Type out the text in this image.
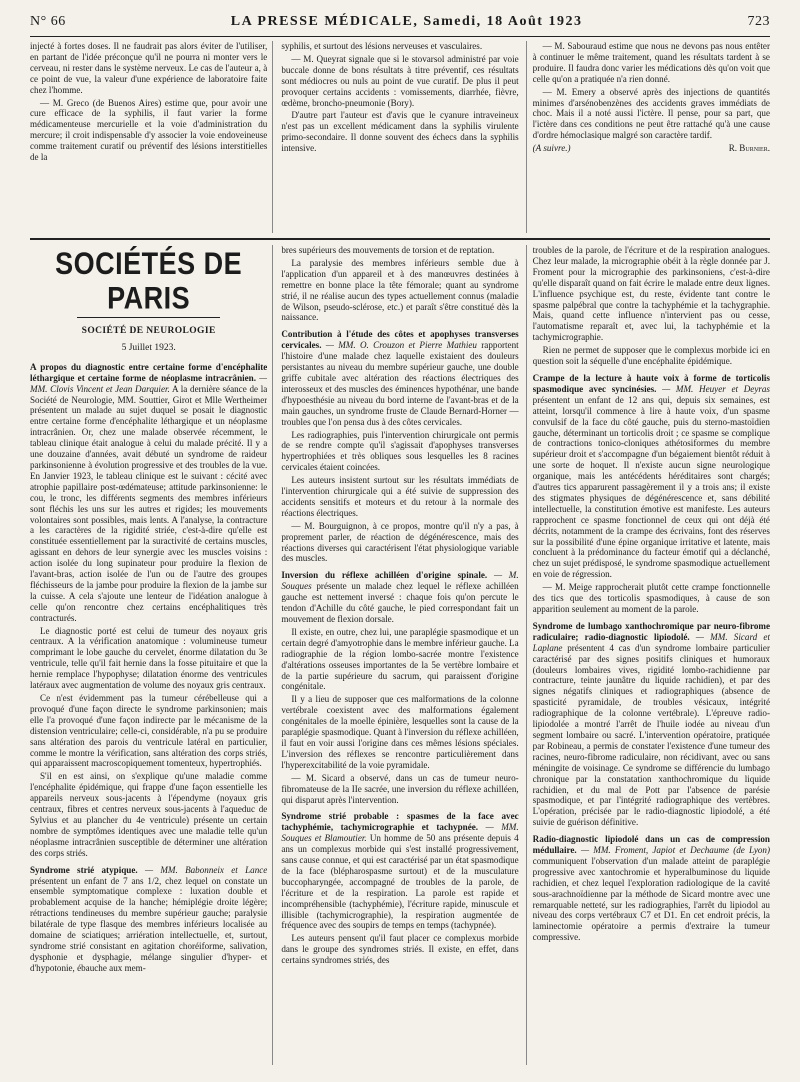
N° 66	LA PRESSE MÉDICALE, Samedi, 18 Août 1923	723

injecté à fortes doses. Il ne faudrait pas alors éviter de l'utiliser, en partant de l'idée préconçue qu'il ne pourra ni monter vers le cerveau, ni rester dans le système nerveux. Le cas de l'auteur a, à ce point de vue, la valeur d'une expérience de laboratoire faite chez l'homme.

— M. Greco (de Buenos Aires) estime que, pour avoir une cure efficace de la syphilis, il faut varier la forme médicamenteuse mercurielle et la voie d'administration du mercure; il croit indispensable d'y associer la voie endoveineuse comme traitement curatif ou préventif des lésions interstitielles de la

syphilis, et surtout des lésions nerveuses et vasculaires.

— M. Queyrat signale que si le stovarsol administré par voie buccale donne de bons résultats à titre préventif, ces résultats sont médiocres ou nuls au point de vue curatif. De plus il peut provoquer certains accidents : vomissements, diarrhée, fièvre, œdème, broncho-pneumonie (Bory).

D'autre part l'auteur est d'avis que le cyanure intraveineux n'est pas un excellent médicament dans la syphilis virulente primo-secondaire. Il donne souvent des échecs dans la syphilis intensive.

— M. Sabouraud estime que nous ne devons pas nous entêter à continuer le même traitement, quand les résultats tardent à se produire. Il faudra donc varier les médications dès qu'on voit que celle qu'on a pratiquée n'a rien donné.

— M. Emery a observé après des injections de quantités minimes d'arsénobenzènes des accidents graves immédiats de choc. Mais il a noté aussi l'ictère. Il pense, pour sa part, que l'ictère dans ces conditions ne peut être rattaché qu'à une cause d'ordre hémoclasique malgré son caractère tardif.

(A suivre.)	R. Burnier.
SOCIÉTÉS DE PARIS
SOCIÉTÉ DE NEUROLOGIE
5 Juillet 1923.

A propos du diagnostic entre certaine forme d'encéphalite léthargique et certaine forme de néoplasme intracrânien. — MM. Clovis Vincent et Jean Darquier. A la dernière séance de la Société de Neurologie, MM. Souttier, Girot et Mlle Wertheimer présentent un malade au sujet duquel se posait le diagnostic entre certaine forme d'encéphalite léthargique et un néoplasme intracrânien. Or, chez une malade observée récemment, le tableau clinique était analogue à celui du malade précité. Il y a une douzaine d'années, avait débuté un syndrome de raideur parkinsonienne à évolution progressive et des troubles de la vue. En Janvier 1923, le tableau clinique est le suivant : cécité avec atrophie papillaire post-œdémateuse; attitude parkinsonienne: le cou, le tronc, les différents segments des membres inférieurs sont fléchis les uns sur les autres et rigides; les mouvements volontaires sont possibles, mais lents. A l'analyse, la contracture a les caractères de la rigidité striée, c'est-à-dire qu'elle est constituée essentiellement par la suractivité de certains muscles, agissant en dehors de leur synergie avec les muscles voisins : action isolée du long supinateur pour produire la flexion de l'avant-bras, action isolée de l'un ou de l'autre des groupes fléchisseurs de la jambe pour produire la flexion de la jambe sur la cuisse. A cela s'ajoute une lenteur de l'idéation analogue à celle qu'on rencontre chez certains encéphalitiques très contracturés.

Le diagnostic porté est celui de tumeur des noyaux gris centraux. A la vérification anatomique : volumineuse tumeur comprimant le lobe gauche du cervelet, énorme dilatation du 3e ventricule, telle qu'il fait hernie dans la fosse pituitaire et que la hernie remplace l'hypophyse; dilatation énorme des ventricules latéraux avec augmentation de volume des noyaux gris centraux.

Ce n'est évidemment pas la tumeur cérébelleuse qui a provoqué d'une façon directe le syndrome parkinsonien; mais elle l'a provoqué d'une façon indirecte par le mécanisme de la distension ventriculaire; celle-ci, considérable, n'a pu se produire sans altération des parois du ventricule latéral en particulier, comme le montre la vérification, sans altération des corps striés, qui apparaissent macroscopiquement tomenteux, hypertrophiés.

S'il en est ainsi, on s'explique qu'une maladie comme l'encéphalite épidémique, qui frappe d'une façon essentielle les appareils nerveux sous-jacents à l'épendyme (noyaux gris centraux, fibres et centres nerveux sous-jacents à l'aqueduc de Sylvius et au plancher du 4e ventricule) présente un certain nombre de symptômes identiques avec une maladie telle qu'un néoplasme intracrânien susceptible de déterminer une altération des corps striés.

Syndrome strié atypique. — MM. Babonneix et Lance présentent un enfant de 7 ans 1/2, chez lequel on constate un ensemble symptomatique complexe : luxation double et probablement acquise de la hanche; hémiplégie droite légère; rétractions tendineuses du membre supérieur gauche; paralysie bilatérale de type flasque des membres inférieurs localisée au domaine de sciatiques; arriération intellectuelle, et, surtout, syndrome strié consistant en agitation choréiforme, salivation, dysphonie et dysphagie, mélange singulier d'hyper- et d'hypotonie, ébauche aux mem-

bres supérieurs des mouvements de torsion et de reptation.

La paralysie des membres inférieurs semble due à l'application d'un appareil et à des manœuvres destinées à remettre en bonne place la tête fémorale; quant au syndrome strié, il ne réalise aucun des types actuellement connus (maladie de Wilson, pseudo-sclérose, etc.) et paraît s'être constitué dès la naissance.

Contribution à l'étude des côtes et apophyses transverses cervicales. — MM. O. Crouzon et Pierre Mathieu rapportent l'histoire d'une malade chez laquelle existaient des douleurs persistantes au niveau du membre supérieur gauche, une double griffe cubitale avec altération des réactions électriques des interosseux et des muscles des éminences hypothénar, une bande d'hypoesthésie au niveau du bord interne de l'avant-bras et de la main gauches, un syndrome fruste de Claude Bernard-Horner — troubles que l'on pensa dus à des côtes cervicales.

Les radiographies, puis l'intervention chirurgicale ont permis de se rendre compte qu'il s'agissait d'apophyses transverses hypertrophiées et très obliques sous lesquelles les 8 racines cervicales étaient coincées.

Les auteurs insistent surtout sur les résultats immédiats de l'intervention chirurgicale qui a été suivie de suppression des accidents sensitifs et moteurs et du retour à la normale des réactions électriques.

— M. Bourguignon, à ce propos, montre qu'il n'y a pas, à proprement parler, de réaction de dégénérescence, mais des réactions diverses qui caractérisent l'état physiologique variable des muscles.

Inversion du réflexe achilléen d'origine spinale. — M. Souques présente un malade chez lequel le réflexe achilléen gauche est nettement inversé : chaque fois qu'on percute le tendon d'Achille du côté gauche, le pied correspondant fait un mouvement de flexion dorsale.

Il existe, en outre, chez lui, une paraplégie spasmodique et un certain degré d'amyotrophie dans le membre inférieur gauche. La radiographie de la région lombo-sacrée montre l'existence d'altérations osseuses importantes de la 5e vertèbre lombaire et de la partie supérieure du sacrum, qui paraissent d'origine congénitale.

Il y a lieu de supposer que ces malformations de la colonne vertébrale coexistent avec des malformations également congénitales de la moelle épinière, lesquelles sont la cause de la paraplégie spasmodique. Quant à l'inversion du réflexe achilléen, il faut en voir aussi l'origine dans ces mêmes lésions spéciales. L'inversion des réflexes se rencontre particulièrement dans l'hyperexcitabilité de la voie pyramidale.

— M. Sicard a observé, dans un cas de tumeur neuro-fibromateuse de la IIe sacrée, une inversion du réflexe achilléen, qui disparut après l'intervention.

Syndrome strié probable : spasmes de la face avec tachyphémie, tachymicrographie et tachypnée. — MM. Souques et Blamoutier. Un homme de 50 ans présente depuis 4 ans un complexus morbide qui s'est installé progressivement, sans cause connue, et qui est caractérisé par un état spasmodique de la face (blépharospasme surtout) et de la musculature buccopharyngée, accompagné de troubles de la parole, de l'écriture et de la respiration. La parole est rapide et incompréhensible (tachyphémie), l'écriture rapide, minuscule et illisible (tachymicrographie), la respiration augmentée de fréquence avec des soupirs de temps en temps (tachypnée).

Les auteurs pensent qu'il faut placer ce complexus morbide dans le groupe des syndromes striés. Il existe, en effet, dans certains syndromes striés, des

troubles de la parole, de l'écriture et de la respiration analogues. Chez leur malade, la micrographie obéit à la règle donnée par J. Froment pour la micrographie des parkinsoniens, c'est-à-dire qu'elle disparaît quand on fait écrire le malade entre deux lignes. L'influence psychique est, du reste, évidente tant contre le spasme palpébral que contre la tachyphémie et la tachygraphie. Mais, quand cette influence n'intervient pas ou cesse, l'automatisme reparaît et, avec lui, la tachyphémie et la tachymicrographie.

Rien ne permet de supposer que le complexus morbide ici en question soit la séquelle d'une encéphalite épidémique.

Crampe de la lecture à haute voix à forme de torticolis spasmodique avec syncinésies. — MM. Heuyer et Deyras présentent un enfant de 12 ans qui, depuis six semaines, est atteint, lorsqu'il commence à lire à haute voix, d'un spasme convulsif de la face du côté gauche, puis du sterno-mastoïdien gauche, déterminant un torticolis droit ; ce spasme se complique de contractions tonico-cloniques athétosiformes du membre supérieur droit et s'accompagne d'un bégaiement bientôt réduit à une sorte de hoquet. Il n'existe aucun signe neurologique organique, mais les antécédents héréditaires sont chargés; d'autres tics apparurent passagèrement il y a trois ans; il existe des stigmates physiques de dégénérescence et, sans débilité intellectuelle, la constitution émotive est manifeste. Les auteurs rapprochent ce spasme fonctionnel de ceux qui ont déjà été décrits, notamment de la crampe des écrivains, font des réserves sur la possibilité d'une épine organique irritative et latente, mais concluent à la prédominance du facteur émotif qui a déclanché, chez un sujet prédisposé, le syndrome spasmodique actuellement en voie de régression.

— M. Meige rapprocherait plutôt cette crampe fonctionnelle des tics que des torticolis spasmodiques, à cause de son apparition seulement au moment de la parole.

Syndrome de lumbago xanthochromique par neuro-fibrome radiculaire; radio-diagnostic lipiodolé. — MM. Sicard et Laplane présentent 4 cas d'un syndrome lombaire particulier caractérisé par des signes positifs cliniques et humoraux (douleurs lombaires vives, rigidité lombo-rachidienne par contracture, teinte jaunâtre du liquide rachidien), et par des signes négatifs cliniques et radiographiques (absence de spasticité pyramidale, de troubles vésicaux, intégrité radiographique de la colonne vertébrale). L'épreuve radio-lipiodolée a montré l'arrêt de l'huile iodée au niveau d'un segment lombaire ou sacré. L'intervention opératoire, pratiquée par Robineau, a permis de constater l'existence d'une tumeur des racines, neuro-fibrome radiculaire, non récidivant, avec ou sans méningite de voisinage. Ce syndrome se différencie du lumbago chronique par la constatation xanthochromique du liquide rachidien, et du mal de Pott par l'absence de parésie spasmodique, et par l'intégrité radiographique des vertèbres. L'opération, précisée par le radio-diagnostic lipiodolé, a été suivie de guérison définitive.

Radio-diagnostic lipiodolé dans un cas de compression médullaire. — MM. Froment, Japiot et Dechaume (de Lyon) communiquent l'observation d'un malade atteint de paraplégie progressive avec xantochromie et hyperalbuminose du liquide rachidien, et chez lequel l'exploration radiologique de la cavité sous-arachnoïdienne par la méthode de Sicard montre avec une remarquable netteté, sur les radiographies, l'arrêt du lipiodol au niveau des corps vertébraux C7 et D1. En cet endroit précis, la laminectomie opératoire a permis d'extraire la tumeur compressive.
